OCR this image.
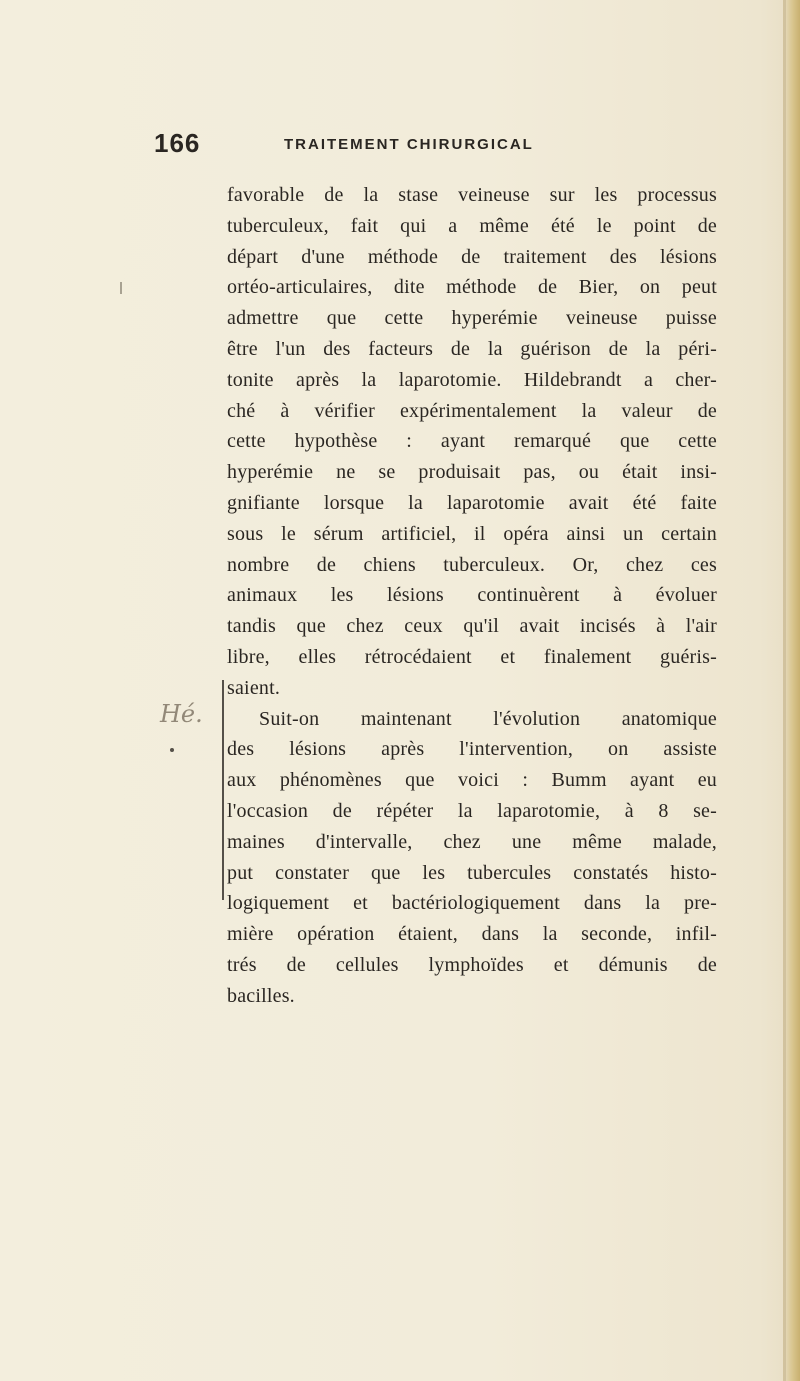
166	TRAITEMENT CHIRURGICAL
Hé.
favorable de la stase veineuse sur les processus
tuberculeux, fait qui a même été le point de
départ d'une méthode de traitement des lésions
ortéo-articulaires, dite méthode de Bier, on peut
admettre que cette hyperémie veineuse puisse
être l'un des facteurs de la guérison de la péri-
tonite après la laparotomie. Hildebrandt a cher-
ché à vérifier expérimentalement la valeur de
cette hypothèse : ayant remarqué que cette
hyperémie ne se produisait pas, ou était insi-
gnifiante lorsque la laparotomie avait été faite
sous le sérum artificiel, il opéra ainsi un certain
nombre de chiens tuberculeux. Or, chez ces
animaux les lésions continuèrent à évoluer
tandis que chez ceux qu'il avait incisés à l'air
libre, elles rétrocédaient et finalement guéris-
saient.
Suit-on maintenant l'évolution anatomique
des lésions après l'intervention, on assiste
aux phénomènes que voici : Bumm ayant eu
l'occasion de répéter la laparotomie, à 8 se-
maines d'intervalle, chez une même malade,
put constater que les tubercules constatés histo-
logiquement et bactériologiquement dans la pre-
mière opération étaient, dans la seconde, infil-
trés de cellules lymphoïdes et démunis de
bacilles.
